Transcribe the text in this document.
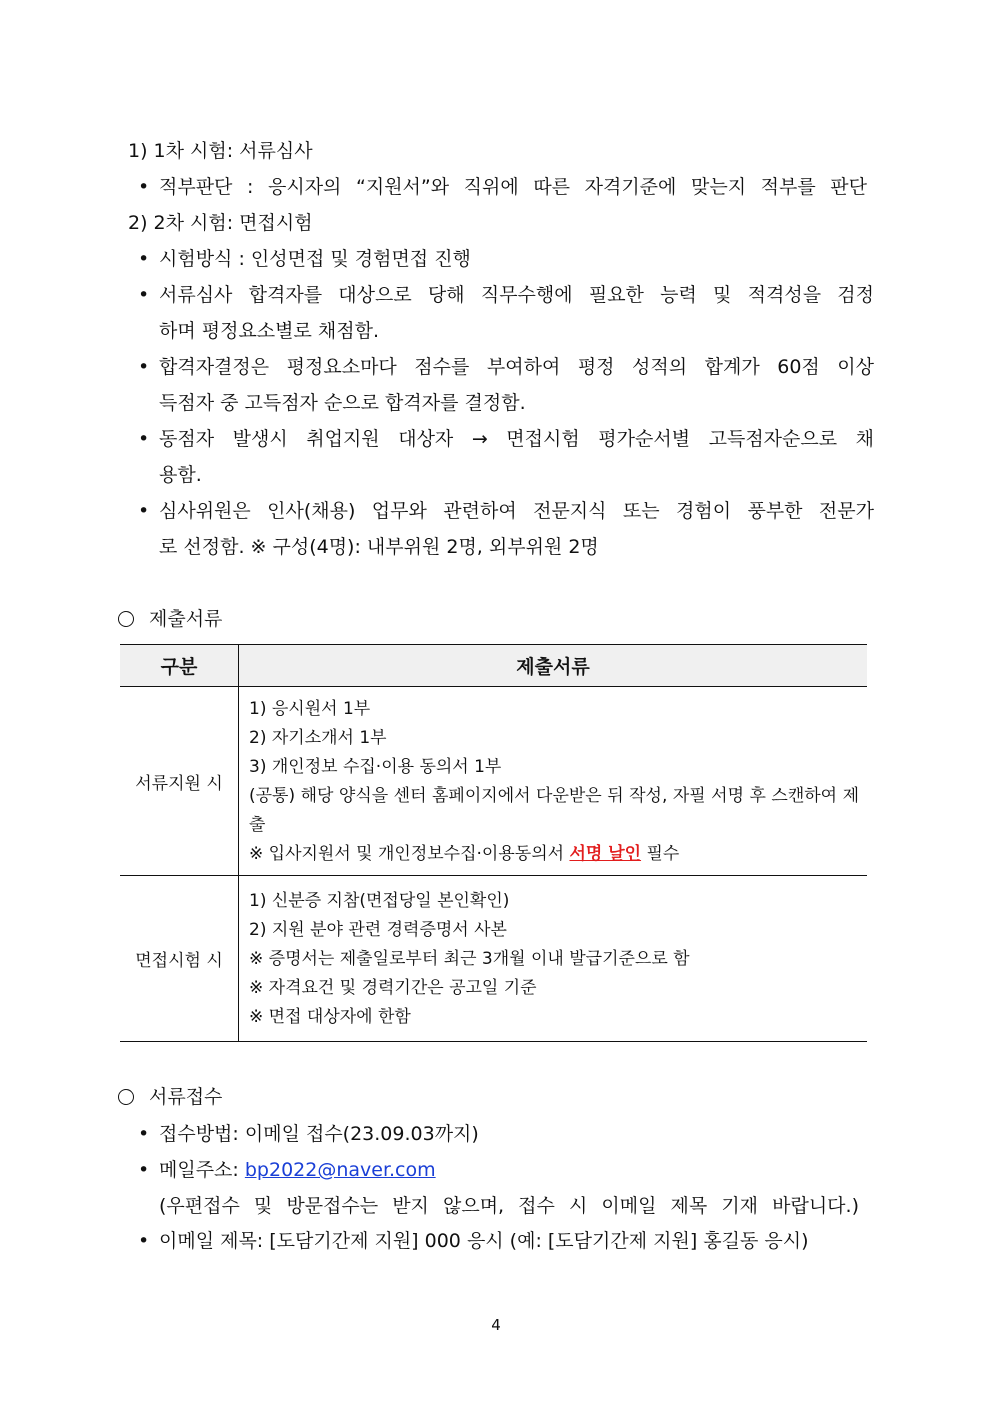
1) 1차 시험: 서류심사
• 적부판단 : 응시자의 “지원서”와 직위에 따른 자격기준에 맞는지 적부를 판단
2) 2차 시험: 면접시험
• 시험방식 : 인성면접 및 경험면접 진행
• 서류심사 합격자를 대상으로 당해 직무수행에 필요한 능력 및 적격성을 검정
하며 평정요소별로 채점함.
• 합격자결정은 평정요소마다 점수를 부여하여 평정 성적의 합계가 60점 이상
득점자 중 고득점자 순으로 합격자를 결정함.
• 동점자 발생시 취업지원 대상자 → 면접시험 평가순서별 고득점자순으로 채
용함.
• 심사위원은 인사(채용) 업무와 관련하여 전문지식 또는 경험이 풍부한 전문가
로 선정함. ※ 구성(4명): 내부위원 2명, 외부위원 2명
제출서류
구분	제출서류
서류지원 시	1) 응시원서 1부
2) 자기소개서 1부
3) 개인정보 수집·이용 동의서 1부
(공통) 해당 양식을 센터 홈페이지에서 다운받은 뒤 작성, 자필 서명 후 스캔하여 제출
※ 입사지원서 및 개인정보수집·이용동의서 서명 날인 필수

면접시험 시	1) 신분증 지참(면접당일 본인확인)
2) 지원 분야 관련 경력증명서 사본
※ 증명서는 제출일로부터 최근 3개월 이내 발급기준으로 함
※ 자격요건 및 경력기간은 공고일 기준
※ 면접 대상자에 한함
서류접수
• 접수방법: 이메일 접수(23.09.03까지)
• 메일주소: bp2022@naver.com
(우편접수 및 방문접수는 받지 않으며, 접수 시 이메일 제목 기재 바랍니다.)
• 이메일 제목: [도담기간제 지원] 000 응시 (예: [도담기간제 지원] 홍길동 응시)
4
